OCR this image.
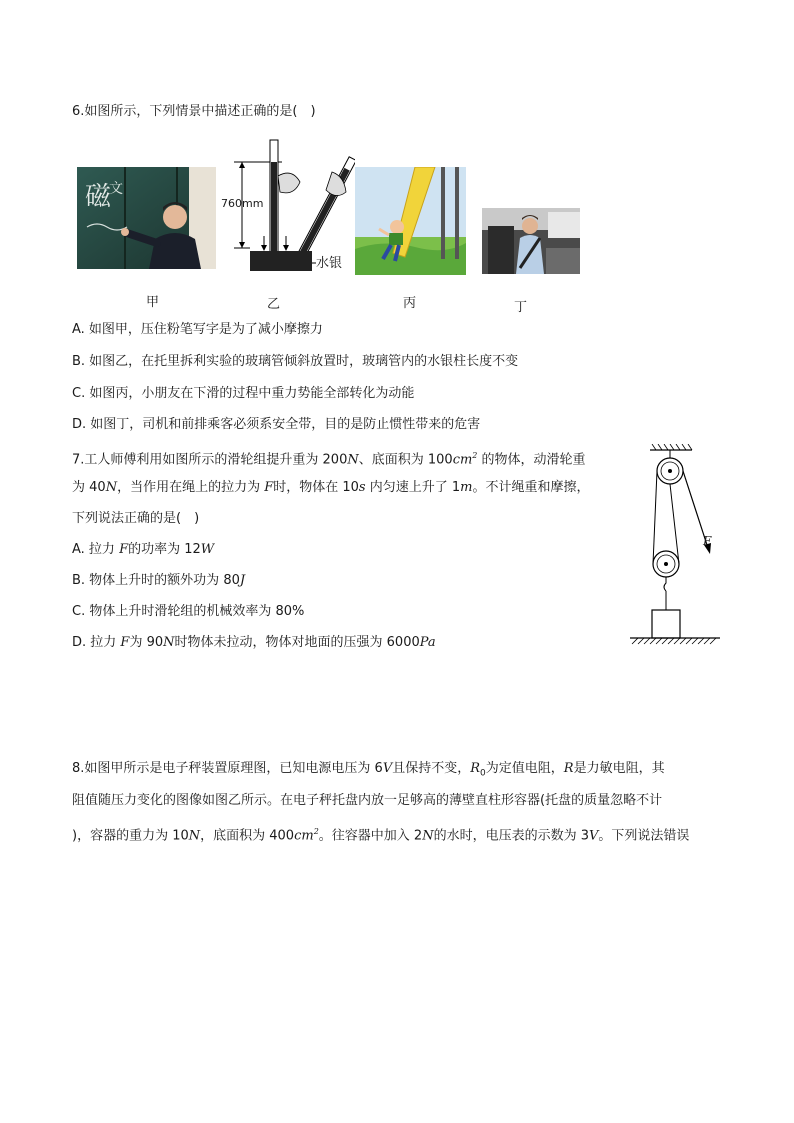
6.如图所示，下列情景中描述正确的是(　)
磁
文
甲
760mm
水银
乙	丙	丁
A. 如图甲，压住粉笔写字是为了减小摩擦力
B. 如图乙，在托里拆利实验的玻璃管倾斜放置时，玻璃管内的水银柱长度不变
C. 如图丙，小朋友在下滑的过程中重力势能全部转化为动能
D. 如图丁，司机和前排乘客必须系安全带，目的是防止惯性带来的危害
7.工人师傅利用如图所示的滑轮组提升重为 200N、底面积为 $100cm^2$ 的物体，动滑轮重
为 40N，当作用在绳上的拉力为 F时，物体在 10s 内匀速上升了 1m。不计绳重和摩擦，
下列说法正确的是(　)
A. 拉力 F的功率为 12W
B. 物体上升时的额外功为 80J
C. 物体上升时滑轮组的机械效率为 80%
D. 拉力 F为 90N时物体未拉动，物体对地面的压强为 6000Pa
F
8.如图甲所示是电子秤装置原理图，已知电源电压为 6V且保持不变，$R_0$为定值电阻，R是力敏电阻，其
阻值随压力变化的图像如图乙所示。在电子秤托盘内放一足够高的薄壁直柱形容器(托盘的质量忽略不计
)，容器的重力为 10N，底面积为 $400cm^2$。往容器中加入 2N的水时，电压表的示数为 3V。下列说法错误
